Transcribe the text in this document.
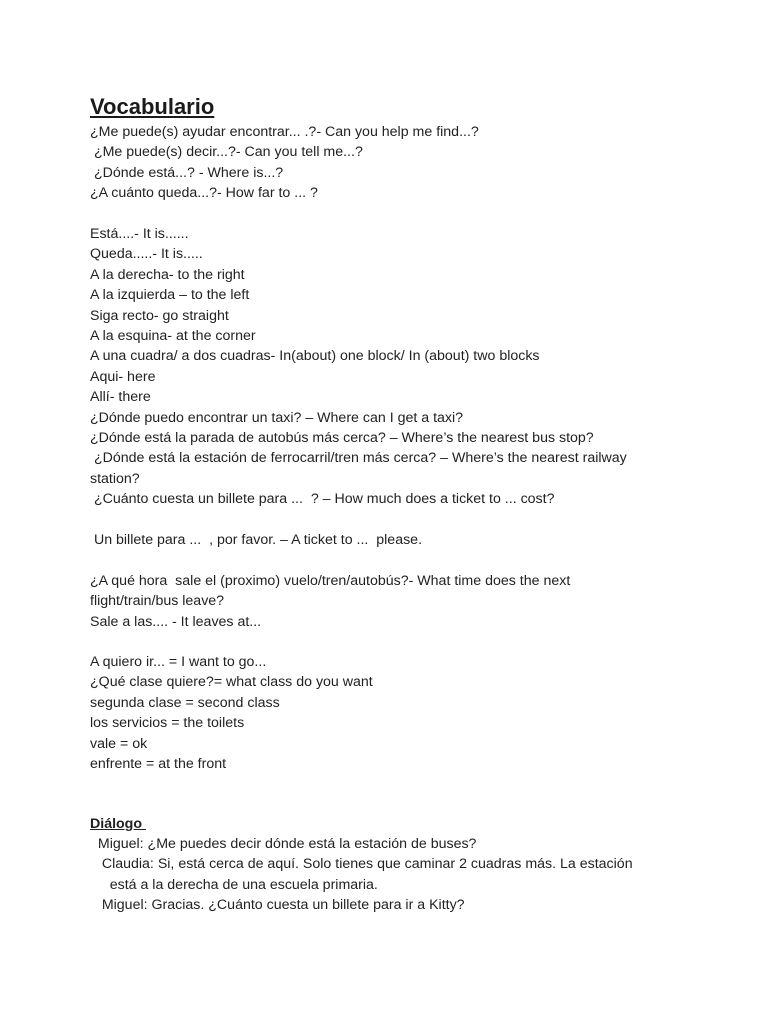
Vocabulario
¿Me puede(s) ayudar encontrar... .?- Can you help me find...?
¿Me puede(s) decir...?- Can you tell me...?
¿Dónde está...? - Where is...?
¿A cuánto queda...?- How far to ... ?
Está....- It is......
Queda.....- It is.....
A la derecha- to the right
A la izquierda – to the left
Siga recto- go straight
A la esquina- at the corner
A una cuadra/ a dos cuadras- In(about) one block/ In (about) two blocks
Aqui- here
Allí- there
¿Dónde puedo encontrar un taxi? – Where can I get a taxi?
¿Dónde está la parada de autobús más cerca? – Where’s the nearest bus stop?
¿Dónde está la estación de ferrocarril/tren más cerca? – Where’s the nearest railway
station?
¿Cuánto cuesta un billete para ...  ? – How much does a ticket to ... cost?
Un billete para ...  , por favor. – A ticket to ...  please.
¿A qué hora  sale el (proximo) vuelo/tren/autobús?- What time does the next
flight/train/bus leave?
Sale a las.... - It leaves at...
A quiero ir... = I want to go...
¿Qué clase quiere?= what class do you want
segunda clase = second class
los servicios = the toilets
vale = ok
enfrente = at the front
Diálogo
Miguel: ¿Me puedes decir dónde está la estación de buses?
Claudia: Si, está cerca de aquí. Solo tienes que caminar 2 cuadras más. La estación
está a la derecha de una escuela primaria.
Miguel: Gracias. ¿Cuánto cuesta un billete para ir a Kitty?
